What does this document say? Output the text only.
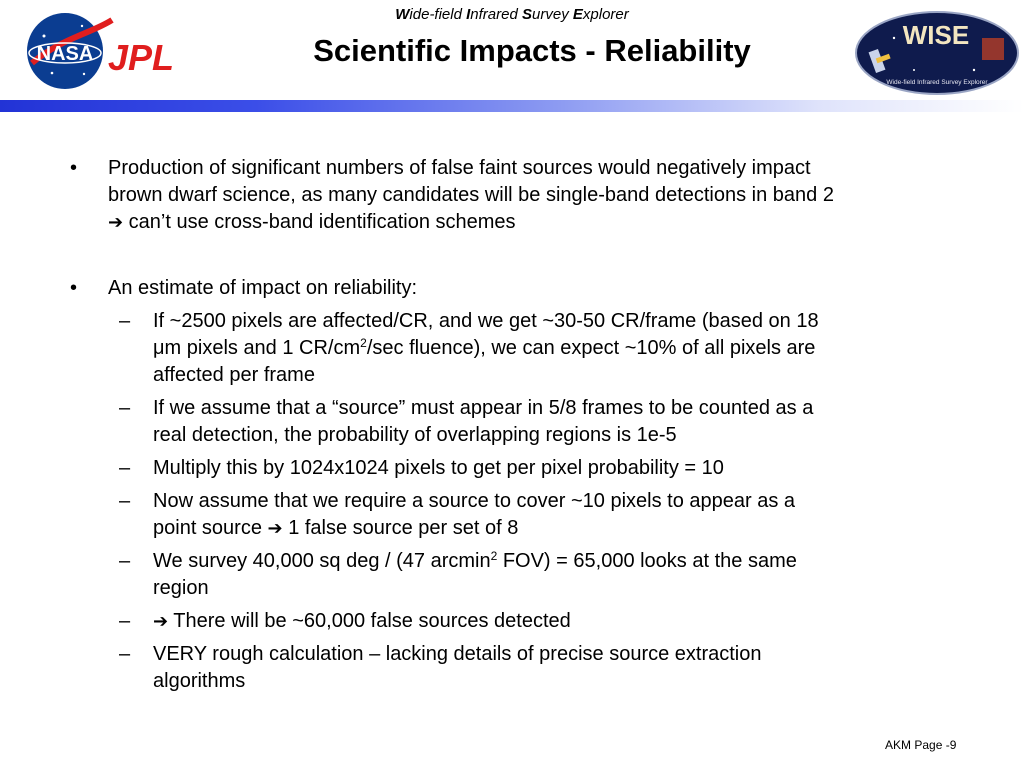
NASA JPL
WISE
Wide-field Infrared Survey Explorer
Wide-field Infrared Survey Explorer
Scientific Impacts - Reliability
• Production of significant numbers of false faint sources would negatively impact
brown dwarf science, as many candidates will be single-band detections in band 2
➔ can’t use cross-band identification schemes
• An estimate of impact on reliability:
– If ~2500 pixels are affected/CR, and we get ~30-50 CR/frame (based on 18
μm pixels and 1 $CR/cm^2/\sec$ fluence), we can expect ~10% of all pixels are
affected per frame
– If we assume that a “source” must appear in 5/8 frames to be counted as a
real detection, the probability of overlapping regions is 1e-5
– Multiply this by 1024x1024 pixels to get per pixel probability = 10
– Now assume that we require a source to cover ~10 pixels to appear as a
point source ➔ 1 false source per set of 8
– We survey 40,000 sq deg / (47 arcmin$^2$ FOV) = 65,000 looks at the same
region
– ➔ There will be ~60,000 false sources detected
– VERY rough calculation – lacking details of precise source extraction
algorithms
AKM Page -9
